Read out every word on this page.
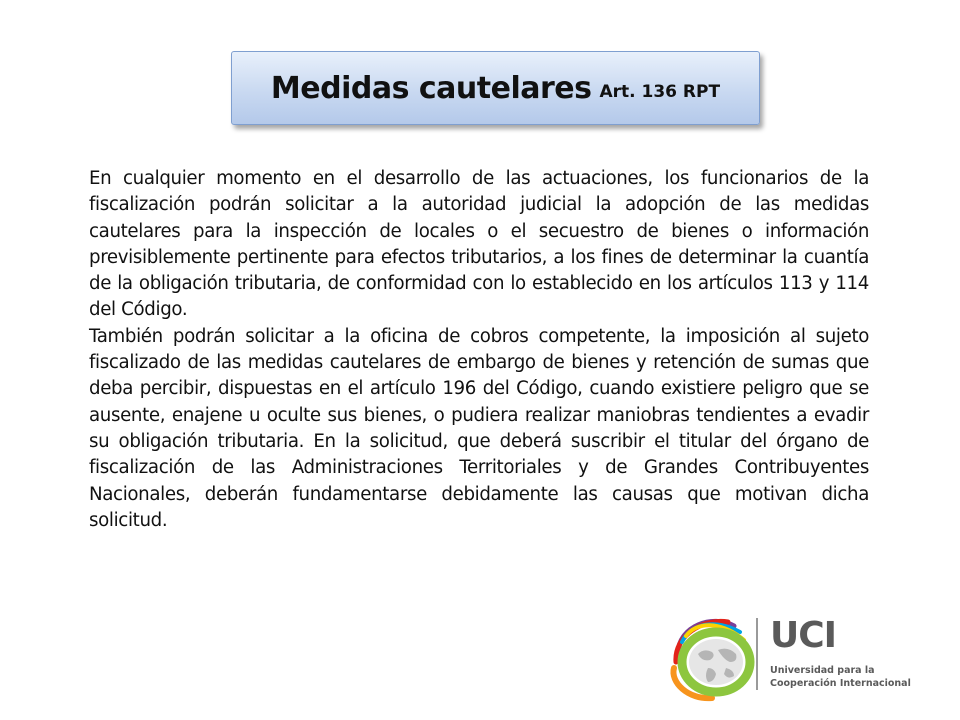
Medidas cautelares Art. 136 RPT

En cualquier momento en el desarrollo de las actuaciones, los funcionarios de la fiscalización podrán solicitar a la autoridad judicial la adopción de las medidas cautelares para la inspección de locales o el secuestro de bienes o información previsiblemente pertinente para efectos tributarios, a los fines de determinar la cuantía de la obligación tributaria, de conformidad con lo establecido en los artículos 113 y 114 del Código.

También podrán solicitar a la oficina de cobros competente, la imposición al sujeto fiscalizado de las medidas cautelares de embargo de bienes y retención de sumas que deba percibir, dispuestas en el artículo 196 del Código, cuando existiere peligro que se ausente, enajene u oculte sus bienes, o pudiera realizar maniobras tendientes a evadir su obligación tributaria. En la solicitud, que deberá suscribir el titular del órgano de fiscalización de las Administraciones Territoriales y de Grandes Contribuyentes Nacionales, deberán fundamentarse debidamente las causas que motivan dicha solicitud.

UCI
Universidad para la Cooperación Internacional
